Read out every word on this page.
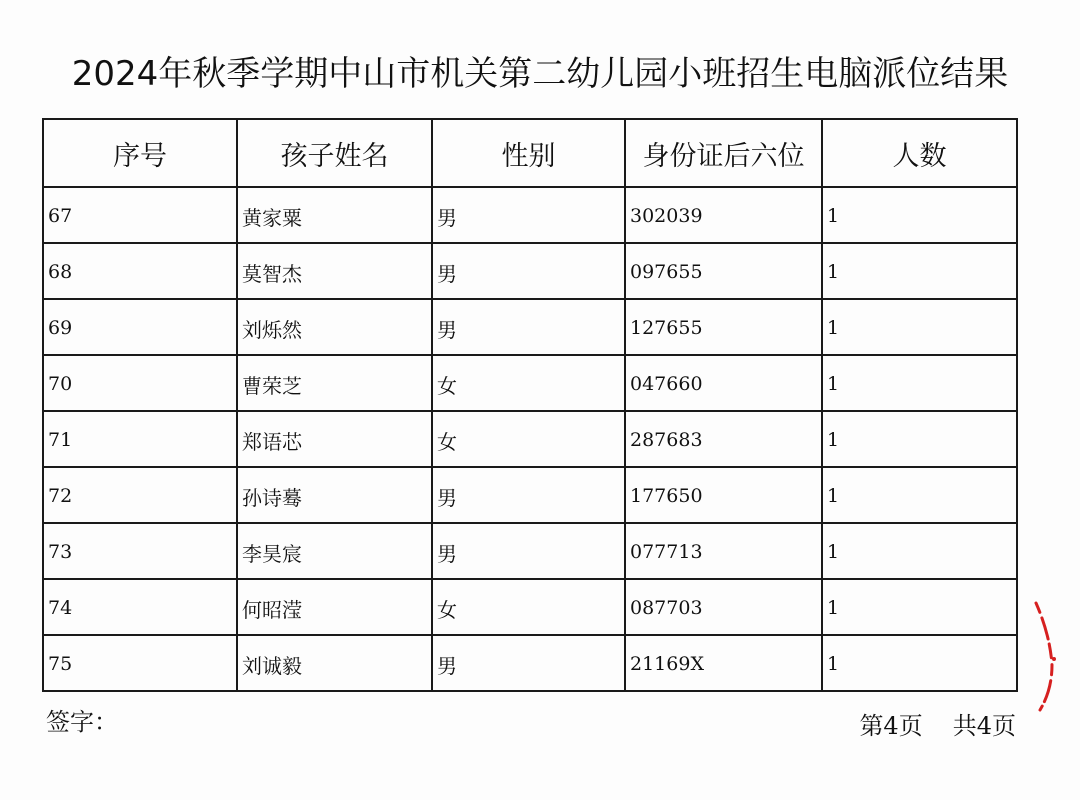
2024年秋季学期中山市机关第二幼儿园小班招生电脑派位结果
序号	孩子姓名	性别	身份证后六位	人数
67	黄家粟	男	302039	1
68	莫智杰	男	097655	1
69	刘烁然	男	127655	1
70	曹荣芝	女	047660	1
71	郑语芯	女	287683	1
72	孙诗蓦	男	177650	1
73	李昊宸	男	077713	1
74	何昭滢	女	087703	1
75	刘诚毅	男	21169X	1
签字：	第4页 共4页
